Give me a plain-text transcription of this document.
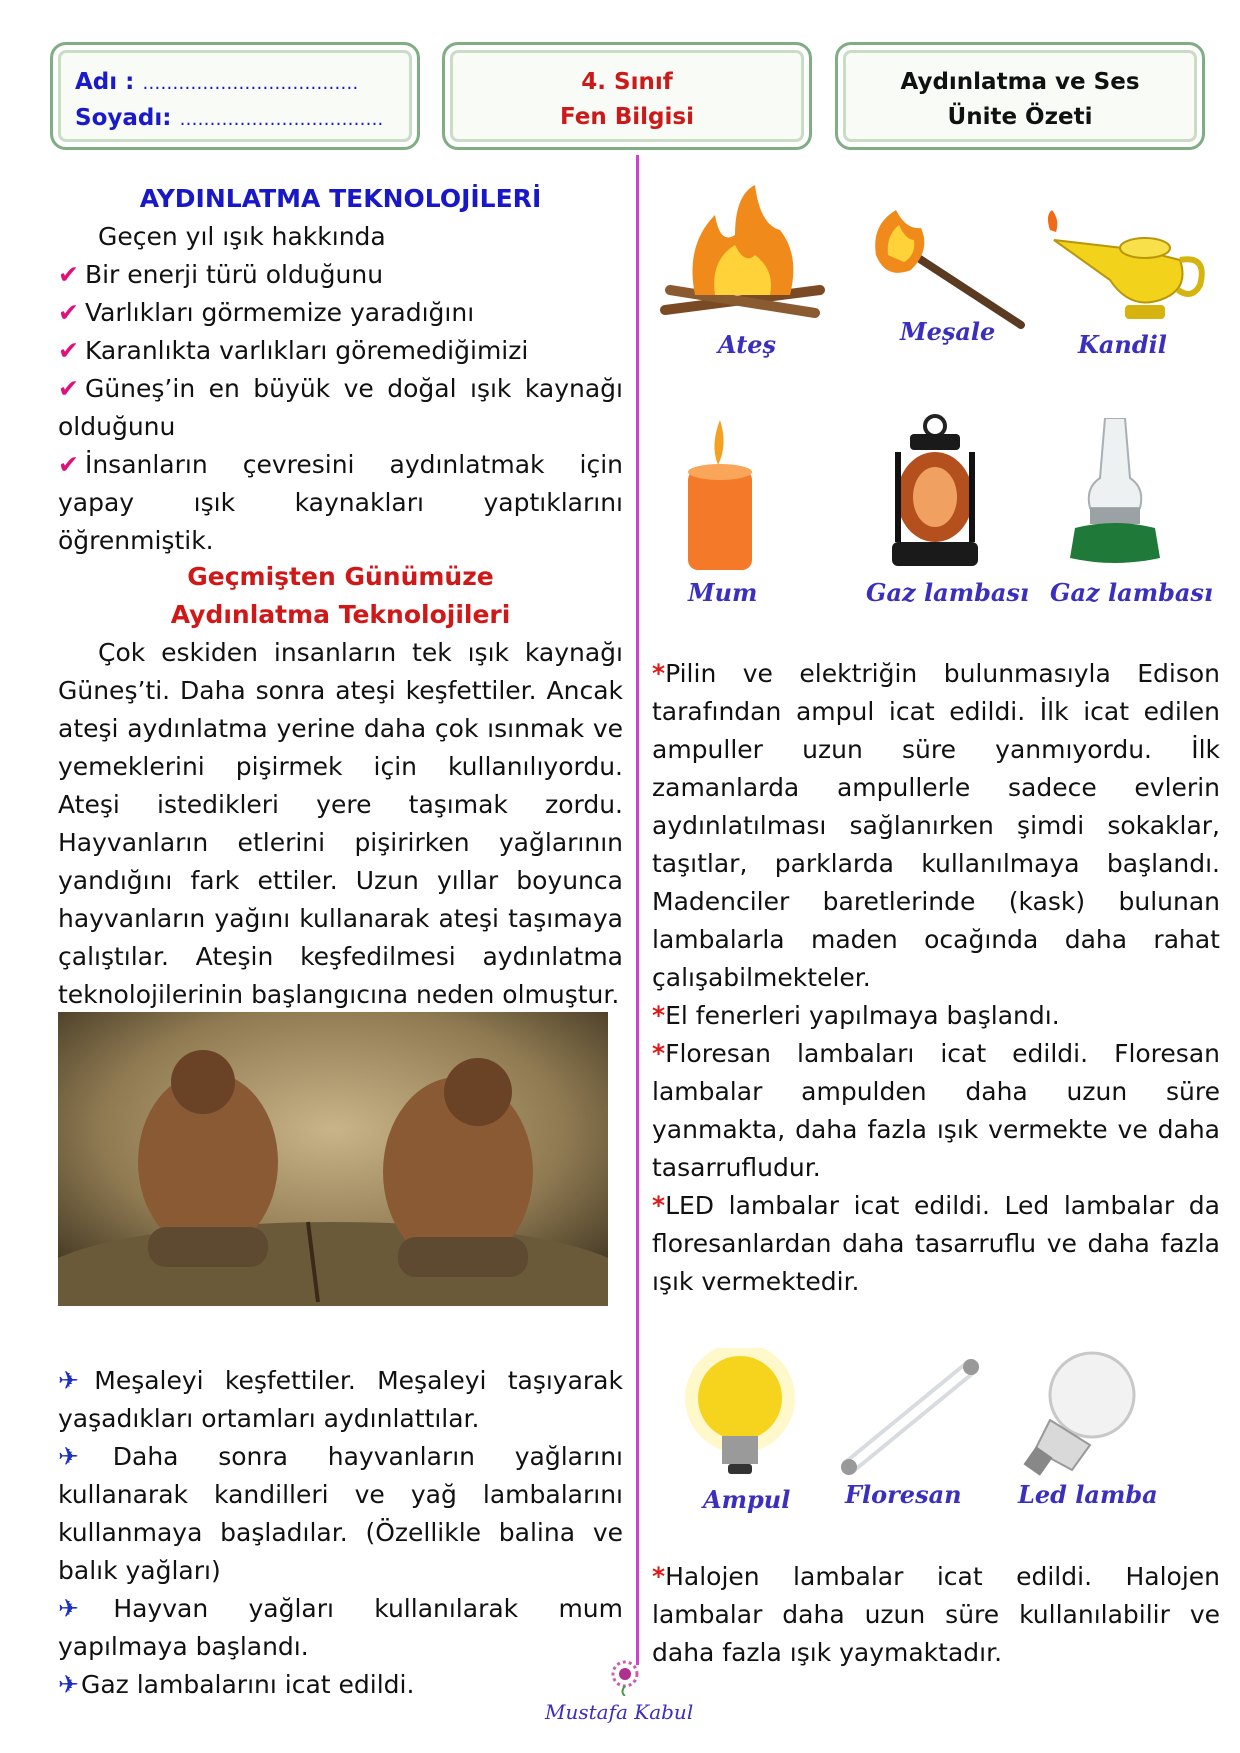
Adı : ………………………………
Soyadı: …………………………….
4. Sınıf
Fen Bilgisi
Aydınlatma ve Ses
Ünite Özeti
AYDINLATMA TEKNOLOJİLERİ
Geçen yıl ışık hakkında
✔ Bir enerji türü olduğunu
✔ Varlıkları görmemize yaradığını
✔ Karanlıkta varlıkları göremediğimizi
✔ Güneş’in en büyük ve doğal ışık kaynağı olduğunu
✔ İnsanların çevresini aydınlatmak için yapay ışık kaynakları yaptıklarını öğrenmiştik.
Geçmişten Günümüze Aydınlatma Teknolojileri
Çok eskiden insanların tek ışık kaynağı Güneş’ti. Daha sonra ateşi keşfettiler. Ancak ateşi aydınlatma yerine daha çok ısınmak ve yemeklerini pişirmek için kullanılıyordu. Ateşi istedikleri yere taşımak zordu. Hayvanların etlerini pişirirken yağlarının yandığını fark ettiler. Uzun yıllar boyunca hayvanların yağını kullanarak ateşi taşımaya çalıştılar. Ateşin keşfedilmesi aydınlatma teknolojilerinin başlangıcına neden olmuştur.
✈Meşaleyi keşfettiler. Meşaleyi taşıyarak yaşadıkları ortamları aydınlattılar.
✈Daha sonra hayvanların yağlarını kullanarak kandilleri ve yağ lambalarını kullanmaya başladılar. (Özellikle balina ve balık yağları)
✈Hayvan yağları kullanılarak mum yapılmaya başlandı.
✈Gaz lambalarını icat edildi.
Ateş	Meşale	Kandil
Mum	Gaz lambası Gaz lambası
*Pilin ve elektriğin bulunmasıyla Edison tarafından ampul icat edildi. İlk icat edilen ampuller uzun süre yanmıyordu. İlk zamanlarda ampullerle sadece evlerin aydınlatılması sağlanırken şimdi sokaklar, taşıtlar, parklarda kullanılmaya başlandı. Madenciler baretlerinde (kask) bulunan lambalarla maden ocağında daha rahat çalışabilmekteler.
*El fenerleri yapılmaya başlandı.
*Floresan lambaları icat edildi. Floresan lambalar ampulden daha uzun süre yanmakta, daha fazla ışık vermekte ve daha tasarrufludur.
*LED lambalar icat edildi. Led lambalar da floresanlardan daha tasarruflu ve daha fazla ışık vermektedir.
Ampul Floresan Led lamba
*Halojen lambalar icat edildi. Halojen lambalar daha uzun süre kullanılabilir ve daha fazla ışık yaymaktadır.
Mustafa Kabul
